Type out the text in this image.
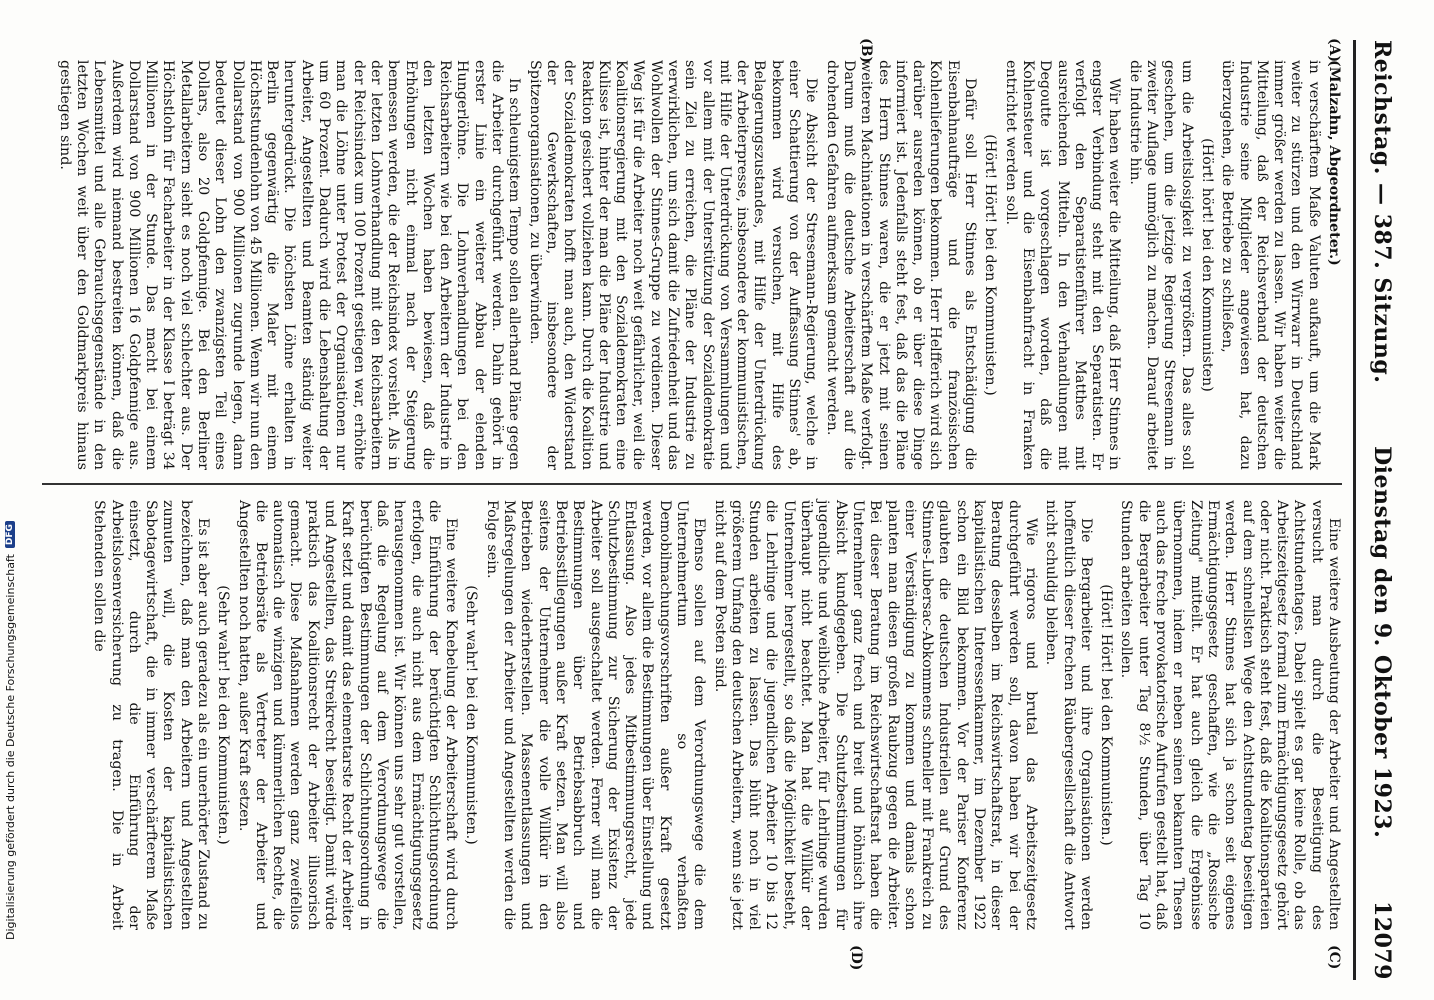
Reichstag. — 387. Sitzung.
Dienstag den 9. Oktober 1923.
12079
(A)
(B)
(C)
(D)

(Malzahn, Abgeordneter.)

in verschärftem Maße Valuten aufkauft, um die Mark weiter zu stürzen und den Wirrwarr in Deutschland immer größer werden zu lassen. Wir haben weiter die Mitteilung, daß der Reichsverband der deutschen Industrie seine Mitglieder angewiesen hat, dazu überzugehen, die Betriebe zu schließen,

(Hört! hört! bei den Kommunisten)

um die Arbeitslosigkeit zu vergrößern. Das alles soll geschehen, um die jetzige Regierung Stresemann in zweiter Auflage unmöglich zu machen. Darauf arbeitet die Industrie hin.

Wir haben weiter die Mitteilung, daß Herr Stinnes in engster Verbindung steht mit den Separatisten. Er verfolgt den Separatistenführer Matthes mit ausreichenden Mitteln. In den Verhandlungen mit Degoutte ist vorgeschlagen worden, daß die Kohlensteuer und die Eisenbahnfracht in Franken entrichtet werden soll.

(Hört! Hört! bei den Kommunisten.)

Dafür soll Herr Stinnes als Entschädigung die Eisenbahnaufträge und die französischen Kohlenlieferungen bekommen. Herr Helfferich wird sich darüber ausreden können, ob er über diese Dinge informiert ist. Jedenfalls steht fest, daß das die Pläne des Herrn Stinnes waren, die er jetzt mit seinen weiteren Machinationen in verschärftem Maße verfolgt. Darum muß die deutsche Arbeiterschaft auf die drohenden Gefahren aufmerksam gemacht werden.

Die Absicht der Stresemann-Regierung, welche in einer Schattierung von der Auffassung Stinnes' ab, bekommen wird versuchen, mit Hilfe des Belagerungszustandes, mit Hilfe der Unterdrückung der Arbeiterpresse, insbesondere der kommunistischen, mit Hilfe der Unterdrückung von Versammlungen und vor allem mit der Unterstützung der Sozialdemokratie sein Ziel zu erreichen, die Pläne der Industrie zu verwirklichen, um sich damit die Zufriedenheit und das Wohlwollen der Stinnes-Gruppe zu verdienen. Dieser Weg ist für die Arbeiter noch weit gefährlicher, weil die Koalitionsregierung mit den Sozialdemokraten eine Kulisse ist, hinter der man die Pläne der Industrie und Reaktion gesichert vollziehen kann. Durch die Koalition der Sozialdemokraten hofft man auch, den Widerstand der Gewerkschaften, insbesondere der Spitzenorganisationen, zu überwinden.

In schleunigstem Tempo sollen allerhand Pläne gegen die Arbeiter durchgeführt werden. Dahin gehört in erster Linie ein weiterer Abbau der elenden Hungerlöhne. Die Lohnverhandlungen bei den Reichsarbeitern wie bei den Arbeitern der Industrie in den letzten Wochen haben bewiesen, daß die Erhöhungen nicht einmal nach der Steigerung bemessen werden, die der Reichsindex vorsieht. Als in der letzten Lohnverhandlung mit den Reichsarbeitern der Reichsindex um 100 Prozent gestiegen war, erhöhte man die Löhne unter Protest der Organisationen nur um 60 Prozent. Dadurch wird die Lebenshaltung der Arbeiter, Angestellten und Beamten ständig weiter heruntergedrückt. Die höchsten Löhne erhalten in Berlin gegenwärtig die Maler mit einem Höchststundenlohn von 45 Millionen. Wenn wir nun den Dollarstand von 900 Millionen zugrunde legen, dann bedeutet dieser Lohn den zwanzigsten Teil eines Dollars, also 20 Goldpfennige. Bei den Berliner Metallarbeitern sieht es noch viel schlechter aus. Der Höchstlohn für Facharbeiter in der Klasse I beträgt 34 Millionen in der Stunde. Das macht bei einem Dollarstand von 900 Millionen 16 Goldpfennige aus. Außerdem wird niemand bestreiten können, daß die Lebensmittel und alle Gebrauchsgegenstände in den letzten Wochen weit über den Goldmarkpreis hinaus gestiegen sind.

Eine weitere Ausbeutung der Arbeiter und Angestellten versucht man durch die Beseitigung des Achtstundentages. Dabei spielt es gar keine Rolle, ob das Arbeitszeitgesetz formal zum Ermächtigungsgesetz gehört oder nicht. Praktisch steht fest, daß die Koalitionsparteien auf dem schnellsten Wege den Achtstundentag beseitigen werden. Herr Stinnes hat sich ja schon seit eigenes Ermächtigungsgesetz geschaffen, wie die „Rossische Zeitung" mitteilt. Er hat auch gleich die Ergebnisse übernommen, indem er neben seinen bekannten Thesen auch das freche provokatorische Aufrufen gestellt hat, daß die Bergarbeiter unter Tag 8½ Stunden, über Tag 10 Stunden arbeiten sollen.

(Hört! Hört! bei den Kommunisten.)

Die Bergarbeiter und ihre Organisationen werden hoffentlich dieser frechen Räubergesellschaft die Antwort nicht schuldig bleiben.

Wie rigoros und brutal das Arbeitszeitgesetz durchgeführt werden soll, davon haben wir bei der Beratung desselben im Reichswirtschaftsrat, in dieser kapitalistischen Interessenkammer, im Dezember 1922 schon ein Bild bekommen. Vor der Pariser Konferenz glaubten die deutschen Industriellen auf Grund des Stinnes-Lubersac-Abkommens schneller mit Frankreich zu einer Verständigung zu kommen und damals schon planten man diesen großen Raubzug gegen die Arbeiter. Bei dieser Beratung im Reichswirtschaftsrat haben die Unternehmer ganz frech und breit und höhnisch ihre Absicht kundgegeben. Die Schutzbestimmungen für jugendliche und weibliche Arbeiter, für Lehrlinge wurden überhaupt nicht beachtet. Man hat die Willkür der Unternehmer hergestellt, so daß die Möglichkeit besteht, die Lehrlinge und die jugendlichen Arbeiter 10 bis 12 Stunden arbeiten zu lassen. Das blüht noch in viel größerem Umfang den deutschen Arbeitern, wenn sie jetzt nicht auf dem Posten sind.

Ebenso sollen auf dem Verordnungswege die dem Unternehmertum so verhaßten Demobilmachungsvorschriften außer Kraft gesetzt werden, vor allem die Bestimmungen über Einstellung und Entlassung. Also jedes Mitbestimmungsrecht, jede Schutzbestimmung zur Sicherung der Existenz der Arbeiter soll ausgeschaltet werden. Ferner will man die Bestimmungen über Betriebsabbruch und Betriebsstillegungen außer Kraft setzen. Man will also seitens der Unternehmer die volle Willkür in den Betrieben wiederherstellen. Massenentlassungen und Maßregelungen der Arbeiter und Angestellten werden die Folge sein.

(Sehr wahr! bei den Kommunisten.)

Eine weitere Knebelung der Arbeiterschaft wird durch die Einführung der berüchtigten Schlichtungsordnung erfolgen, die auch nicht aus dem Ermächtigungsgesetz herausgenommen ist. Wir können uns sehr gut vorstellen, daß die Regelung auf dem Verordnungswege die berüchtigten Bestimmungen der Schlichtungsordnung in Kraft setzt und damit das elementarste Recht der Arbeiter und Angestellten, das Streikrecht beseitigt. Damit würde praktisch das Koalitionsrecht der Arbeiter illusorisch gemacht. Diese Maßnahmen werden ganz zweifellos automatisch die winzigen und kümmerlichen Rechte, die die Betriebsräte als Vertreter der Arbeiter und Angestellten noch hatten, außer Kraft setzen.

(Sehr wahr! bei den Kommunisten.)

Es ist aber auch geradezu als ein unerhörter Zustand zu bezeichnen, daß man den Arbeitern und Angestellten zumuten will, die Kosten der kapitalistischen Sabotagewirtschaft, die in immer verschärfterem Maße einsetzt, durch die Einführung der Arbeitslosenversicherung zu tragen. Die in Arbeit Stehenden sollen die

Digitalisierung gefördert durch die Deutsche Forschungsgemeinschaft
DFG
